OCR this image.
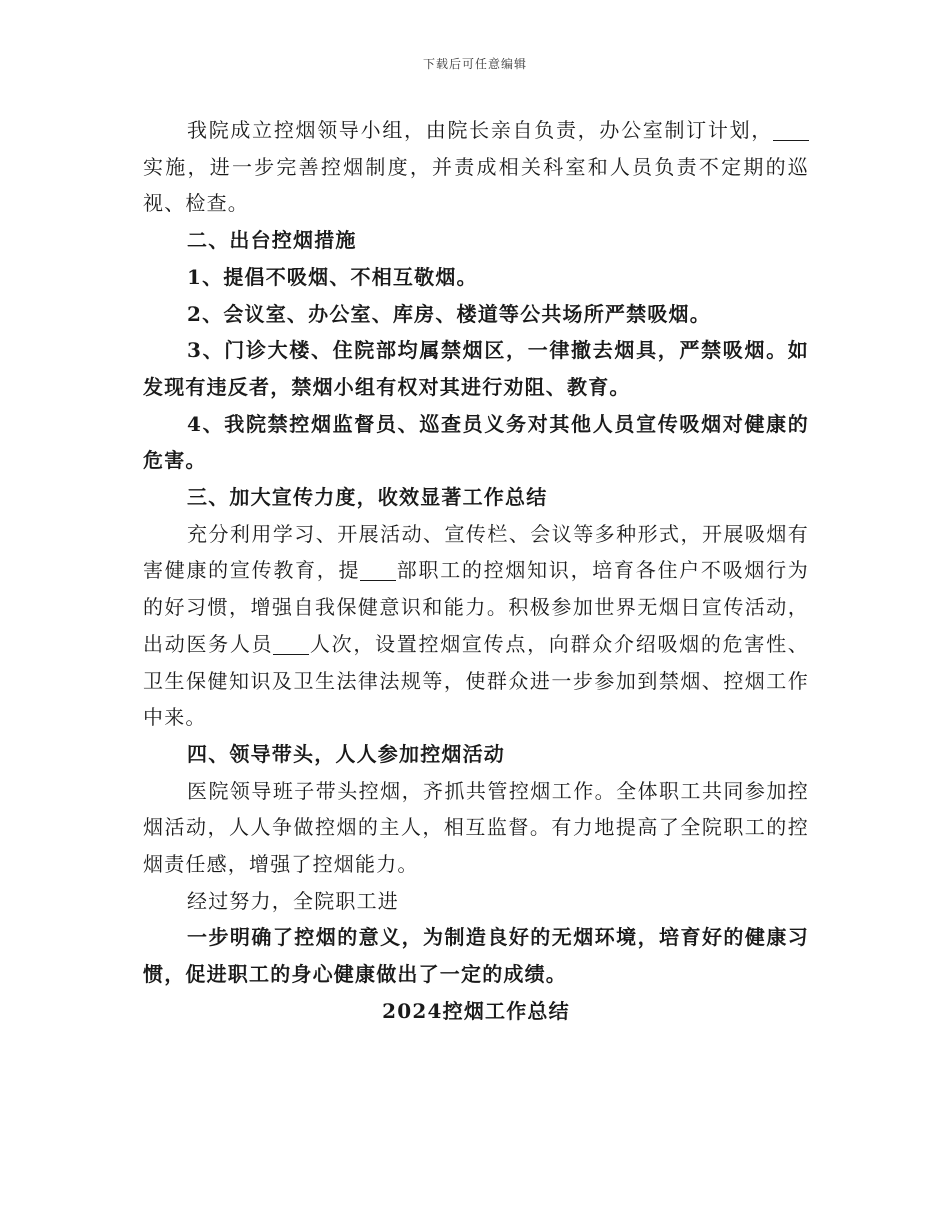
下载后可任意编辑

我院成立控烟领导小组，由院长亲自负责，办公室制订计划，实施，进一步完善控烟制度，并责成相关科室和人员负责不定期的巡视、检查。

二、出台控烟措施

1、提倡不吸烟、不相互敬烟。

2、会议室、办公室、库房、楼道等公共场所严禁吸烟。

3、门诊大楼、住院部均属禁烟区，一律撤去烟具，严禁吸烟。如发现有违反者，禁烟小组有权对其进行劝阻、教育。

4、我院禁控烟监督员、巡查员义务对其他人员宣传吸烟对健康的危害。

三、加大宣传力度，收效显著工作总结

充分利用学习、开展活动、宣传栏、会议等多种形式，开展吸烟有害健康的宣传教育，提 部职工的控烟知识，培育各住户不吸烟行为的好习惯，增强自我保健意识和能力。积极参加世界无烟日宣传活动，出动医务人员 人次，设置控烟宣传点，向群众介绍吸烟的危害性、卫生保健知识及卫生法律法规等，使群众进一步参加到禁烟、控烟工作中来。

四、领导带头，人人参加控烟活动

医院领导班子带头控烟，齐抓共管控烟工作。全体职工共同参加控烟活动，人人争做控烟的主人，相互监督。有力地提高了全院职工的控烟责任感，增强了控烟能力。

经过努力，全院职工进

一步明确了控烟的意义，为制造良好的无烟环境，培育好的健康习惯，促进职工的身心健康做出了一定的成绩。

2024控烟工作总结
